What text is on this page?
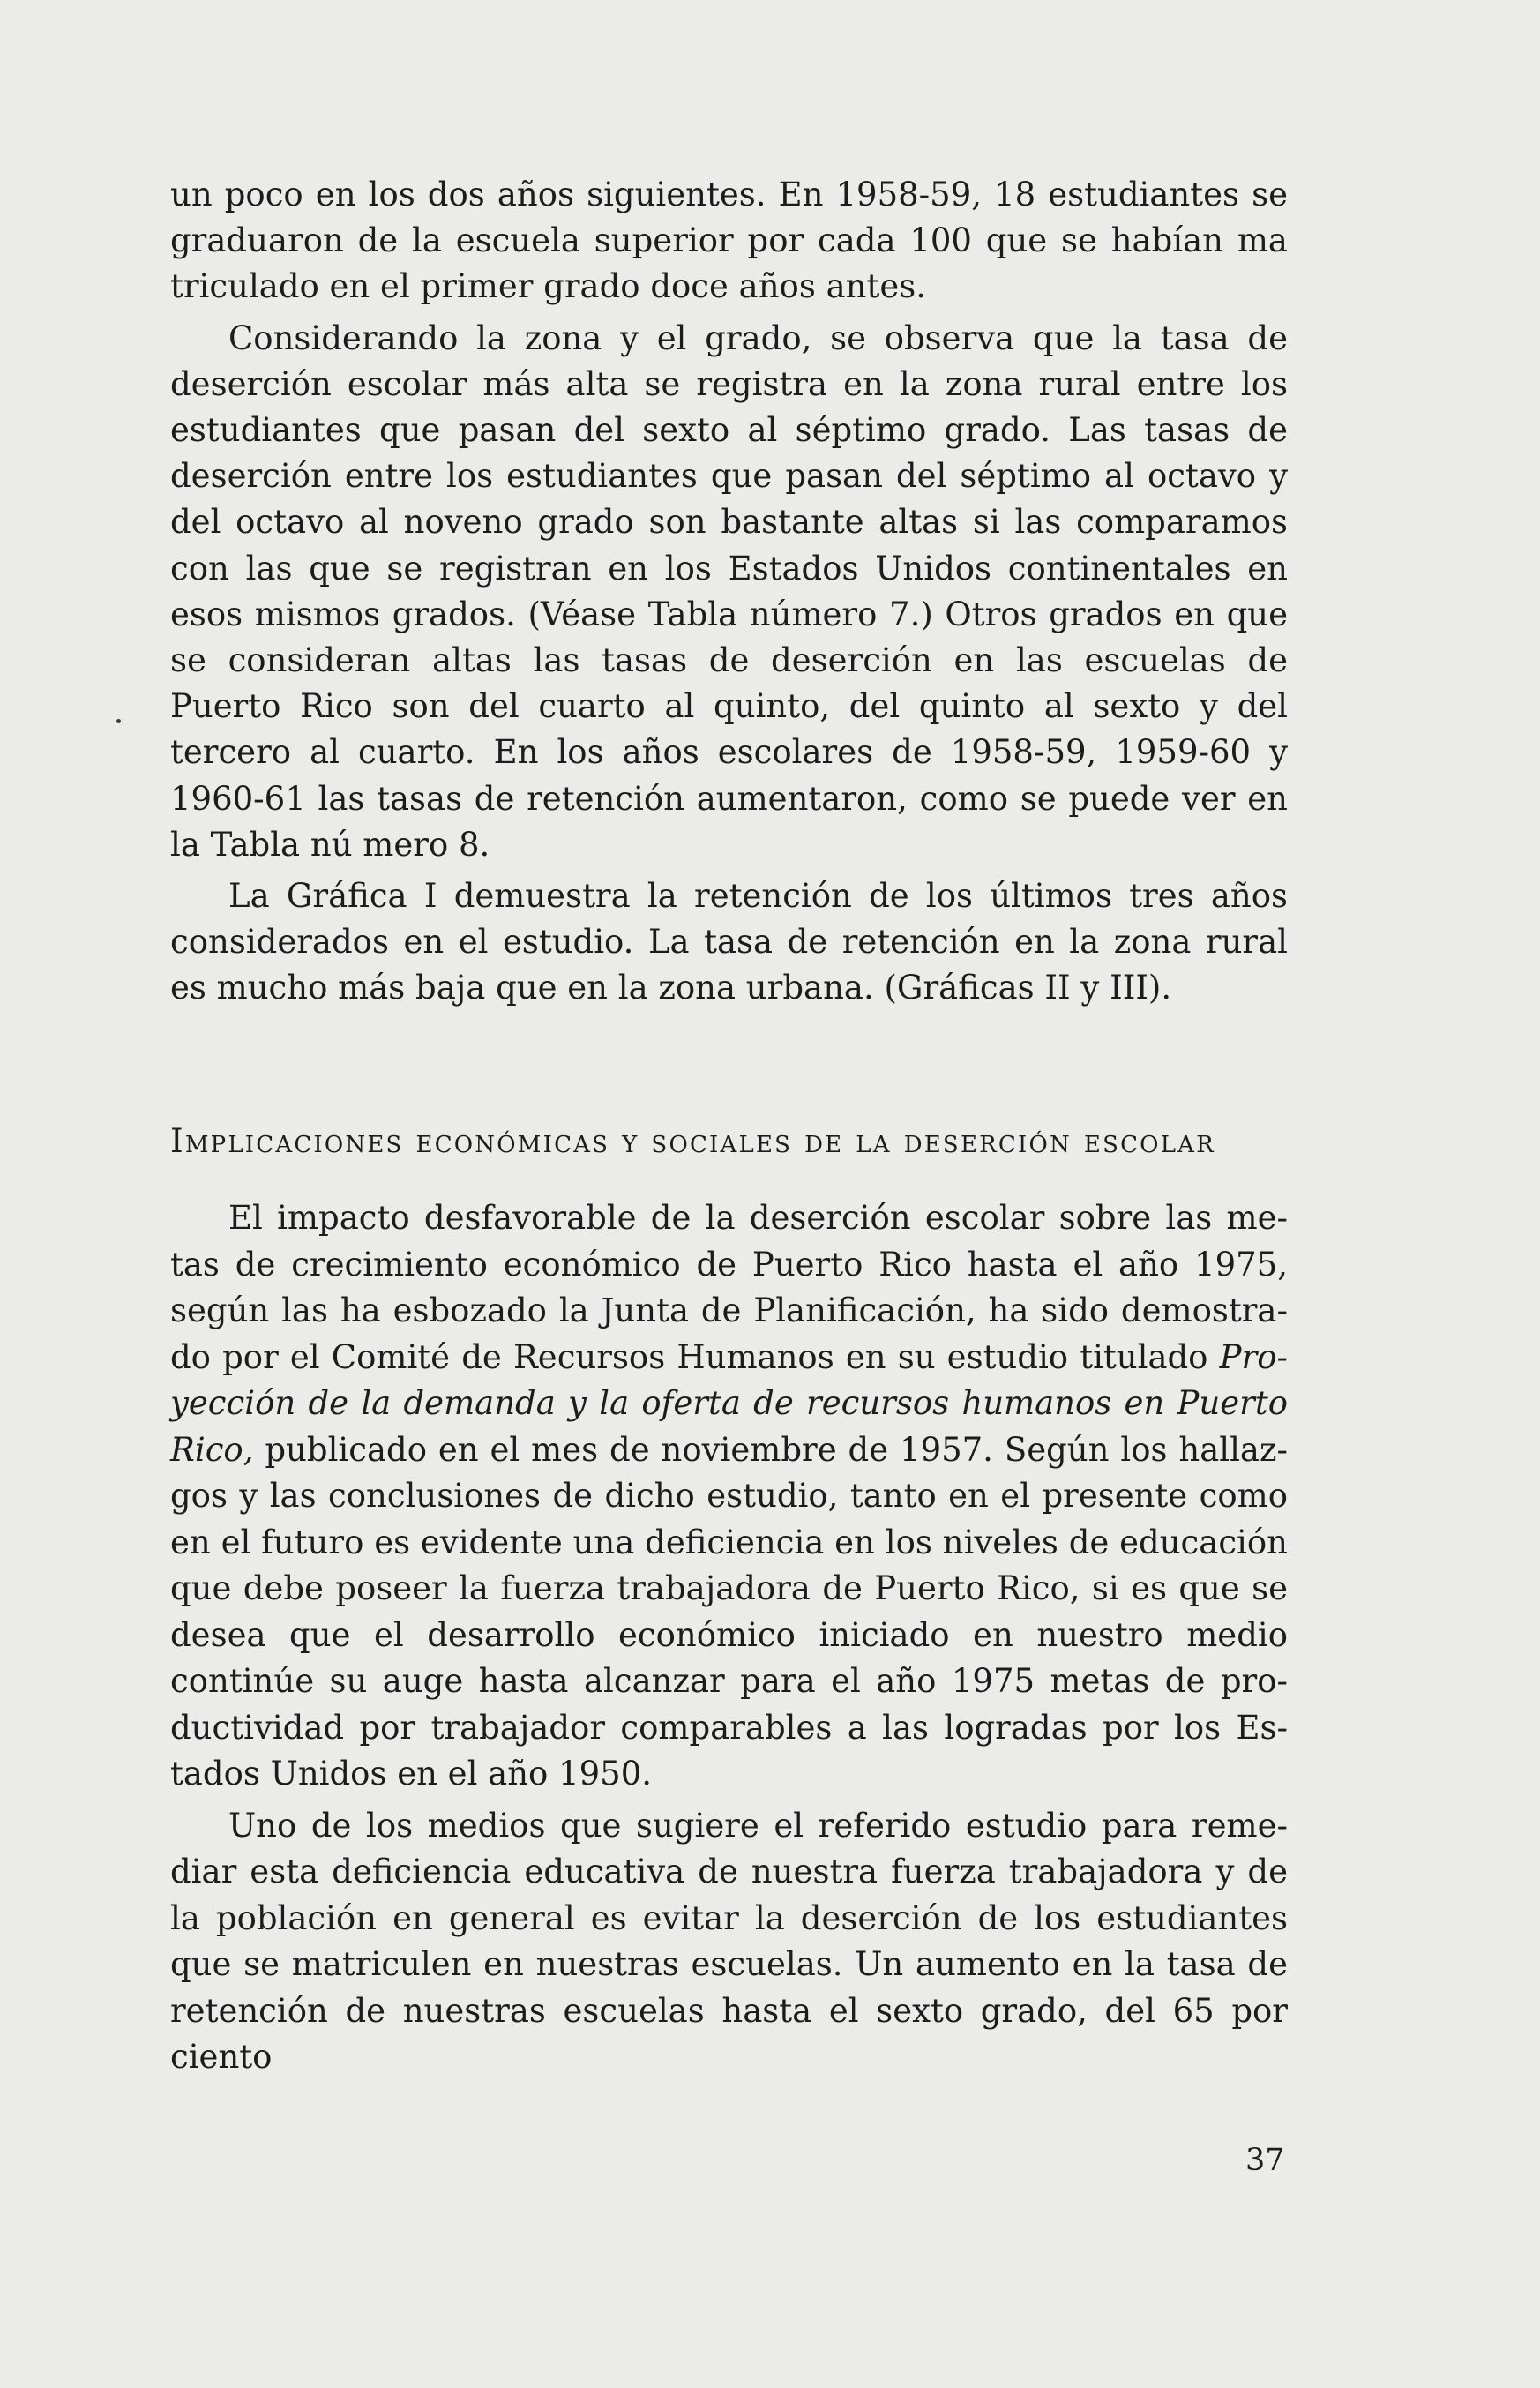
un poco en los dos años siguientes. En 1958-59, 18 estudiantes se graduaron de la escuela superior por cada 100 que se habían ma triculado en el primer grado doce años antes.

Considerando la zona y el grado, se observa que la tasa de deserción escolar más alta se registra en la zona rural entre los estudiantes que pasan del sexto al séptimo grado. Las tasas de deserción entre los estudiantes que pasan del séptimo al octavo y del octavo al noveno grado son bastante altas si las comparamos con las que se registran en los Estados Unidos continentales en esos mismos grados. (Véase Tabla número 7.) Otros grados en que se consideran altas las tasas de deserción en las escuelas de Puerto Rico son del cuarto al quinto, del quinto al sexto y del tercero al cuarto. En los años escolares de 1958-59, 1959-60 y 1960-61 las tasas de retención aumentaron, como se puede ver en la Tabla nú mero 8.

La Gráfica I demuestra la retención de los últimos tres años considerados en el estudio. La tasa de retención en la zona rural es mucho más baja que en la zona urbana. (Gráficas II y III).

Implicaciones económicas y sociales de la deserción escolar

El impacto desfavorable de la deserción escolar sobre las metas de crecimiento económico de Puerto Rico hasta el año 1975, según las ha esbozado la Junta de Planificación, ha sido demostrado por el Comité de Recursos Humanos en su estudio titulado Proyección de la demanda y la oferta de recursos humanos en Puerto Rico, publicado en el mes de noviembre de 1957. Según los hallazgos y las conclusiones de dicho estudio, tanto en el presente como en el futuro es evidente una deficiencia en los niveles de educación que debe poseer la fuerza trabajadora de Puerto Rico, si es que se desea que el desarrollo económico iniciado en nuestro medio continúe su auge hasta alcanzar para el año 1975 metas de productividad por trabajador comparables a las logradas por los Estados Unidos en el año 1950.

Uno de los medios que sugiere el referido estudio para remediar esta deficiencia educativa de nuestra fuerza trabajadora y de la población en general es evitar la deserción de los estudiantes que se matriculen en nuestras escuelas. Un aumento en la tasa de retención de nuestras escuelas hasta el sexto grado, del 65 por ciento

37
